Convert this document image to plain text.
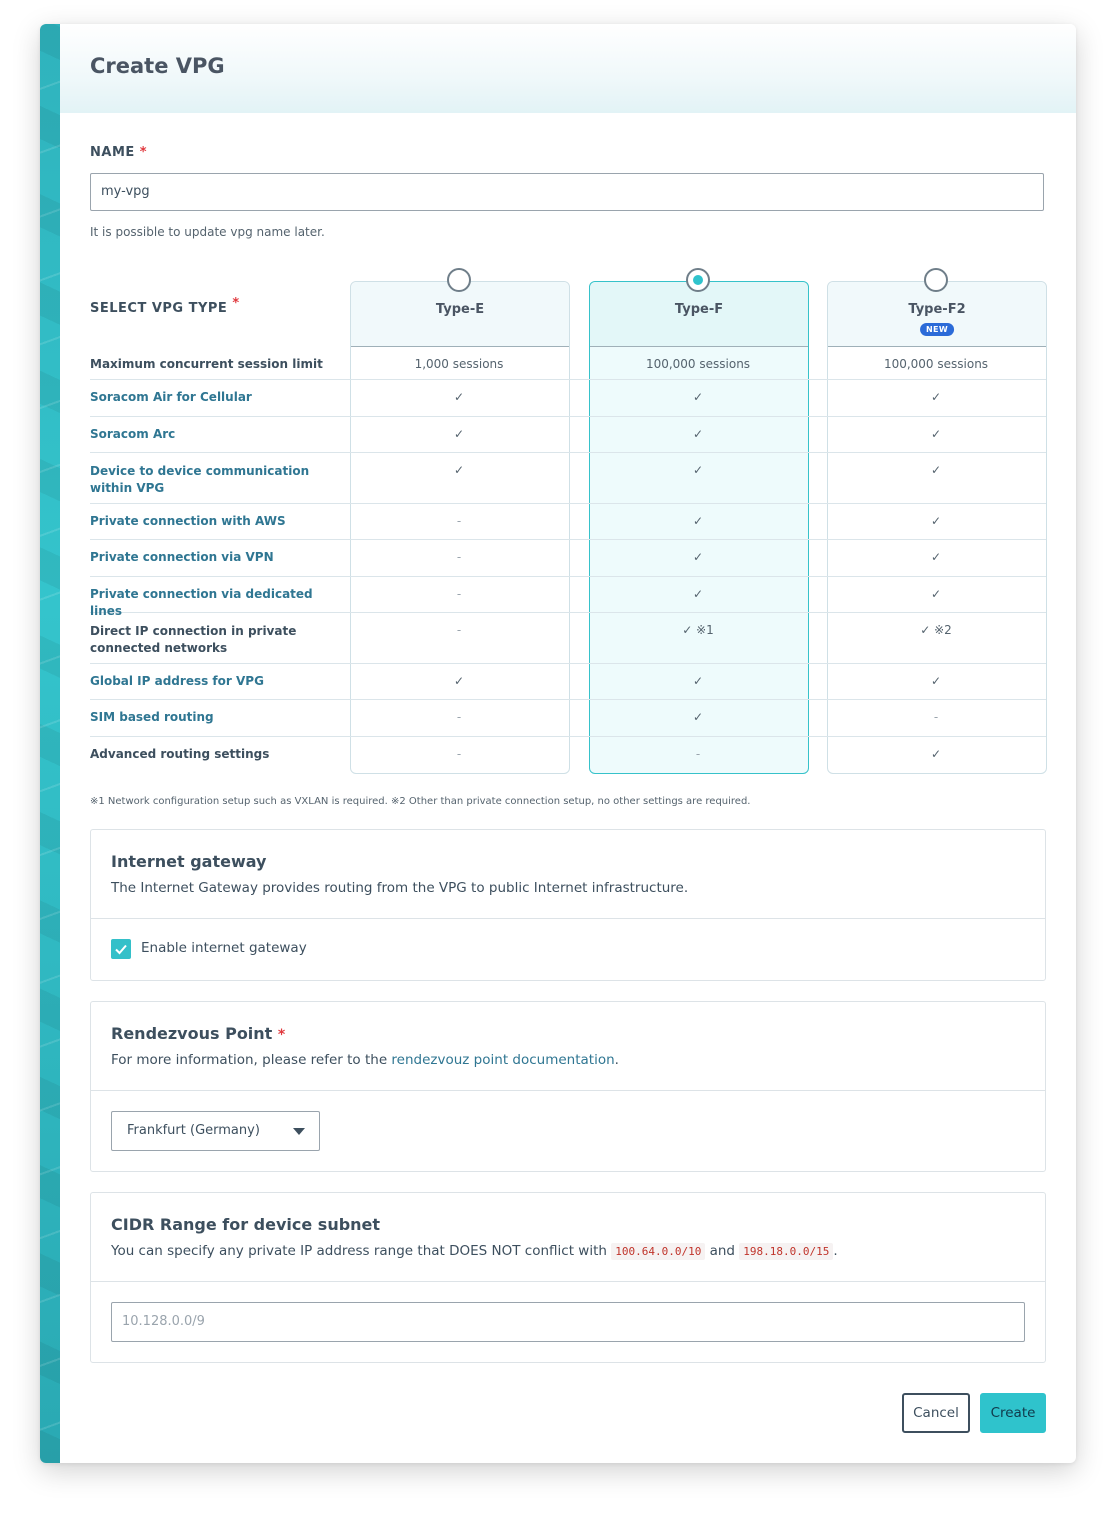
Create VPG
NAME *
my-vpg
It is possible to update vpg name later.
SELECT VPG TYPE *	Type-E	Type-F	Type-F2
NEW
Maximum concurrent session limit	1,000 sessions	100,000 sessions	100,000 sessions
Soracom Air for Cellular	✓	✓	✓
Soracom Arc	✓	✓	✓
Device to device communication within VPG
✓	✓	✓
Private connection with AWS	-	✓	✓
Private connection via VPN	-	✓	✓
Private connection via dedicated lines
-	✓	✓
Direct IP connection in private connected networks
-	✓ ※1	✓ ※2
Global IP address for VPG	✓	✓	✓
SIM based routing	-	✓	-
Advanced routing settings	-	-	✓
※1 Network configuration setup such as VXLAN is required. ※2 Other than private connection setup, no other settings are required.
Internet gateway
The Internet Gateway provides routing from the VPG to public Internet infrastructure.
Enable internet gateway
Rendezvous Point *
For more information, please refer to the rendezvouz point documentation.
Frankfurt (Germany)
CIDR Range for device subnet
You can specify any private IP address range that DOES NOT conflict with 100.64.0.0/10 and 198.18.0.0/15 .
10.128.0.0/9
Cancel	Create
